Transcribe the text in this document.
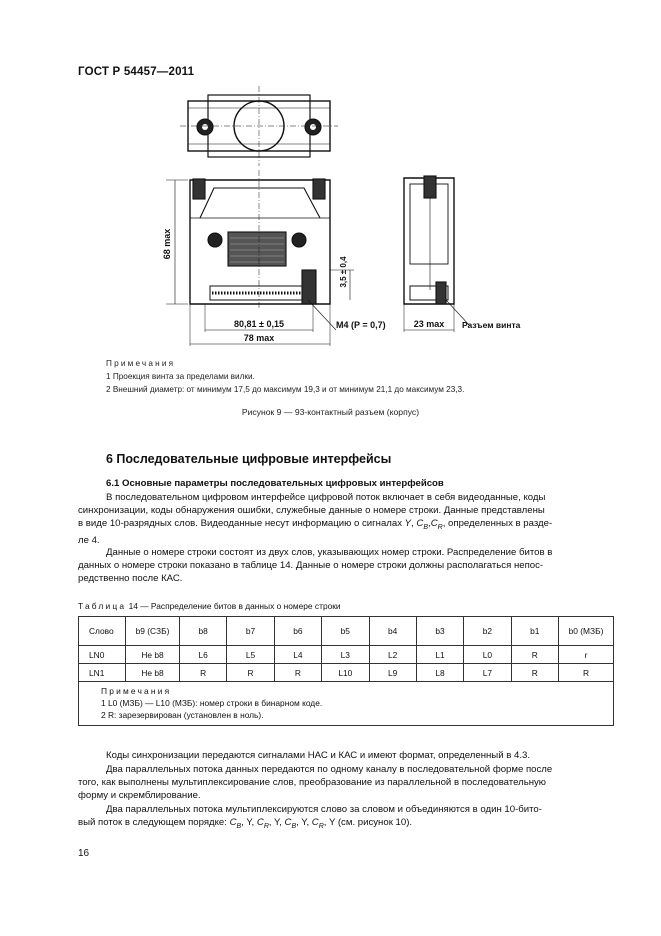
ГОСТ Р 54457—2011
68 max
3,5 ± 0,4
80,81 ± 0,15
78 max
M4 (P = 0,7)	23 max Разъем винта
Примечания
1 Проекция винта за пределами вилки.
2 Внешний диаметр: от минимум 17,5 до максимум 19,3 и от минимум 21,1 до максимум 23,3.
Рисунок 9 — 93-контактный разъем (корпус)
6 Последовательные цифровые интерфейсы
6.1 Основные параметры последовательных цифровых интерфейсов
В последовательном цифровом интерфейсе цифровой поток включает в себя видеоданные, коды
синхронизации, коды обнаружения ошибки, служебные данные о номере строки. Данные представлены
в виде 10-разрядных слов. Видеоданные несут информацию о сигналах Y, $C_B,C_R$, определенных в разде-
ле 4.
Данные о номере строки состоят из двух слов, указывающих номер строки. Распределение битов в
данных о номере строки показано в таблице 14. Данные о номере строки должны располагаться непос-
редственно после КАС.
Таблица 14 — Распределение битов в данных о номере строки
Слово	b9 (СЗБ)	b8	b7	b6	b5	b4	b3	b2	b1	b0 (МЗБ)
LN0	Не b8	L6	L5	L4	L3	L2	L1	L0	R	r
LN1	Не b8	R	R	R	L10	L9	L8	L7	R	R

Примечания
1 L0 (МЗБ) — L10 (МЗБ): номер строки в бинарном коде.
2 R: зарезервирован (установлен в ноль).										
Коды синхронизации передаются сигналами НАС и КАС и имеют формат, определенный в 4.3.
Два параллельных потока данных передаются по одному каналу в последовательной форме после
того, как выполнены мультиплексирование слов, преобразование из параллельной в последовательную
форму и скремблирование.
Два параллельных потока мультиплексируются слово за словом и объединяются в один 10-бито-
вый поток в следующем порядке: $C_B$, Y, $C_R$, Y, $C_B$, Y, $C_R$, Y (см. рисунок 10).
16
